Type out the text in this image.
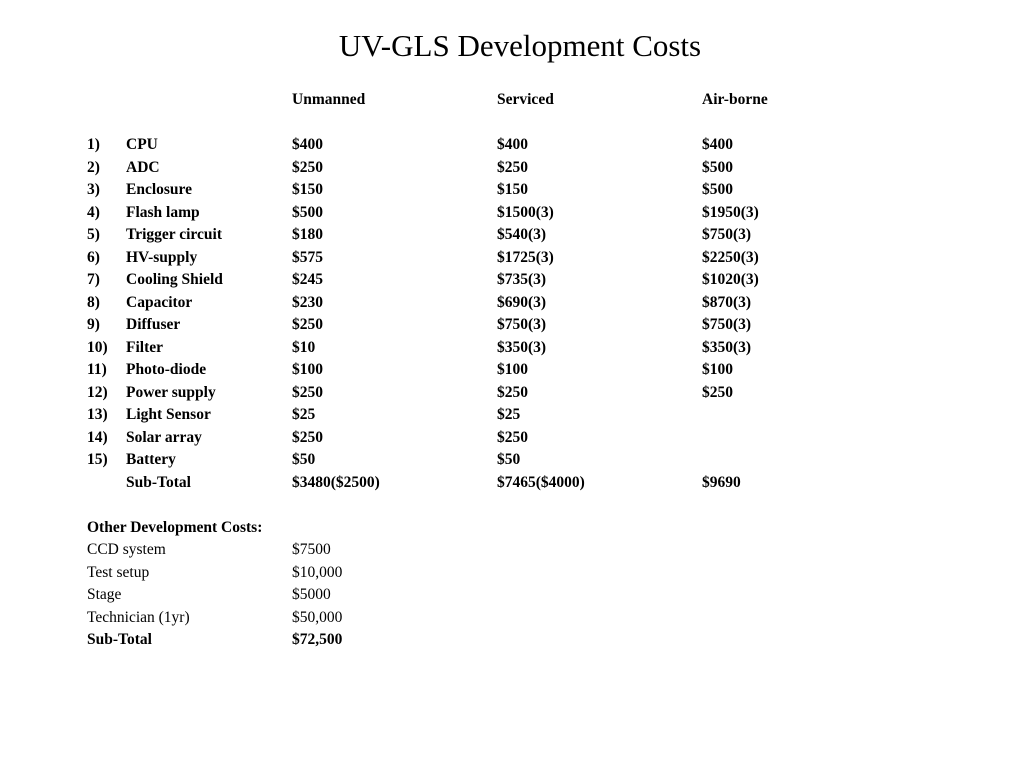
UV-GLS Development Costs
Unmanned	Serviced	Air-borne
1) CPU	$400	$400	$400
2) ADC	$250	$250	$500
3) Enclosure	$150	$150	$500
4) Flash lamp	$500	$1500(3)	$1950(3)
5) Trigger circuit	$180	$540(3)	$750(3)
6) HV-supply	$575	$1725(3)	$2250(3)
7) Cooling Shield	$245	$735(3)	$1020(3)
8) Capacitor	$230	$690(3)	$870(3)
9) Diffuser	$250	$750(3)	$750(3)
10) Filter	$10	$350(3)	$350(3)
11) Photo-diode	$100	$100	$100
12) Power supply	$250	$250	$250
13) Light Sensor	$25	$25
14) Solar array	$250	$250
15) Battery	$50	$50
Sub-Total	$3480($2500)	$7465($4000)	$9690
Other Development Costs:
CCD system	$7500
Test setup	$10,000
Stage	$5000
Technician (1yr)	$50,000
Sub-Total	$72,500
